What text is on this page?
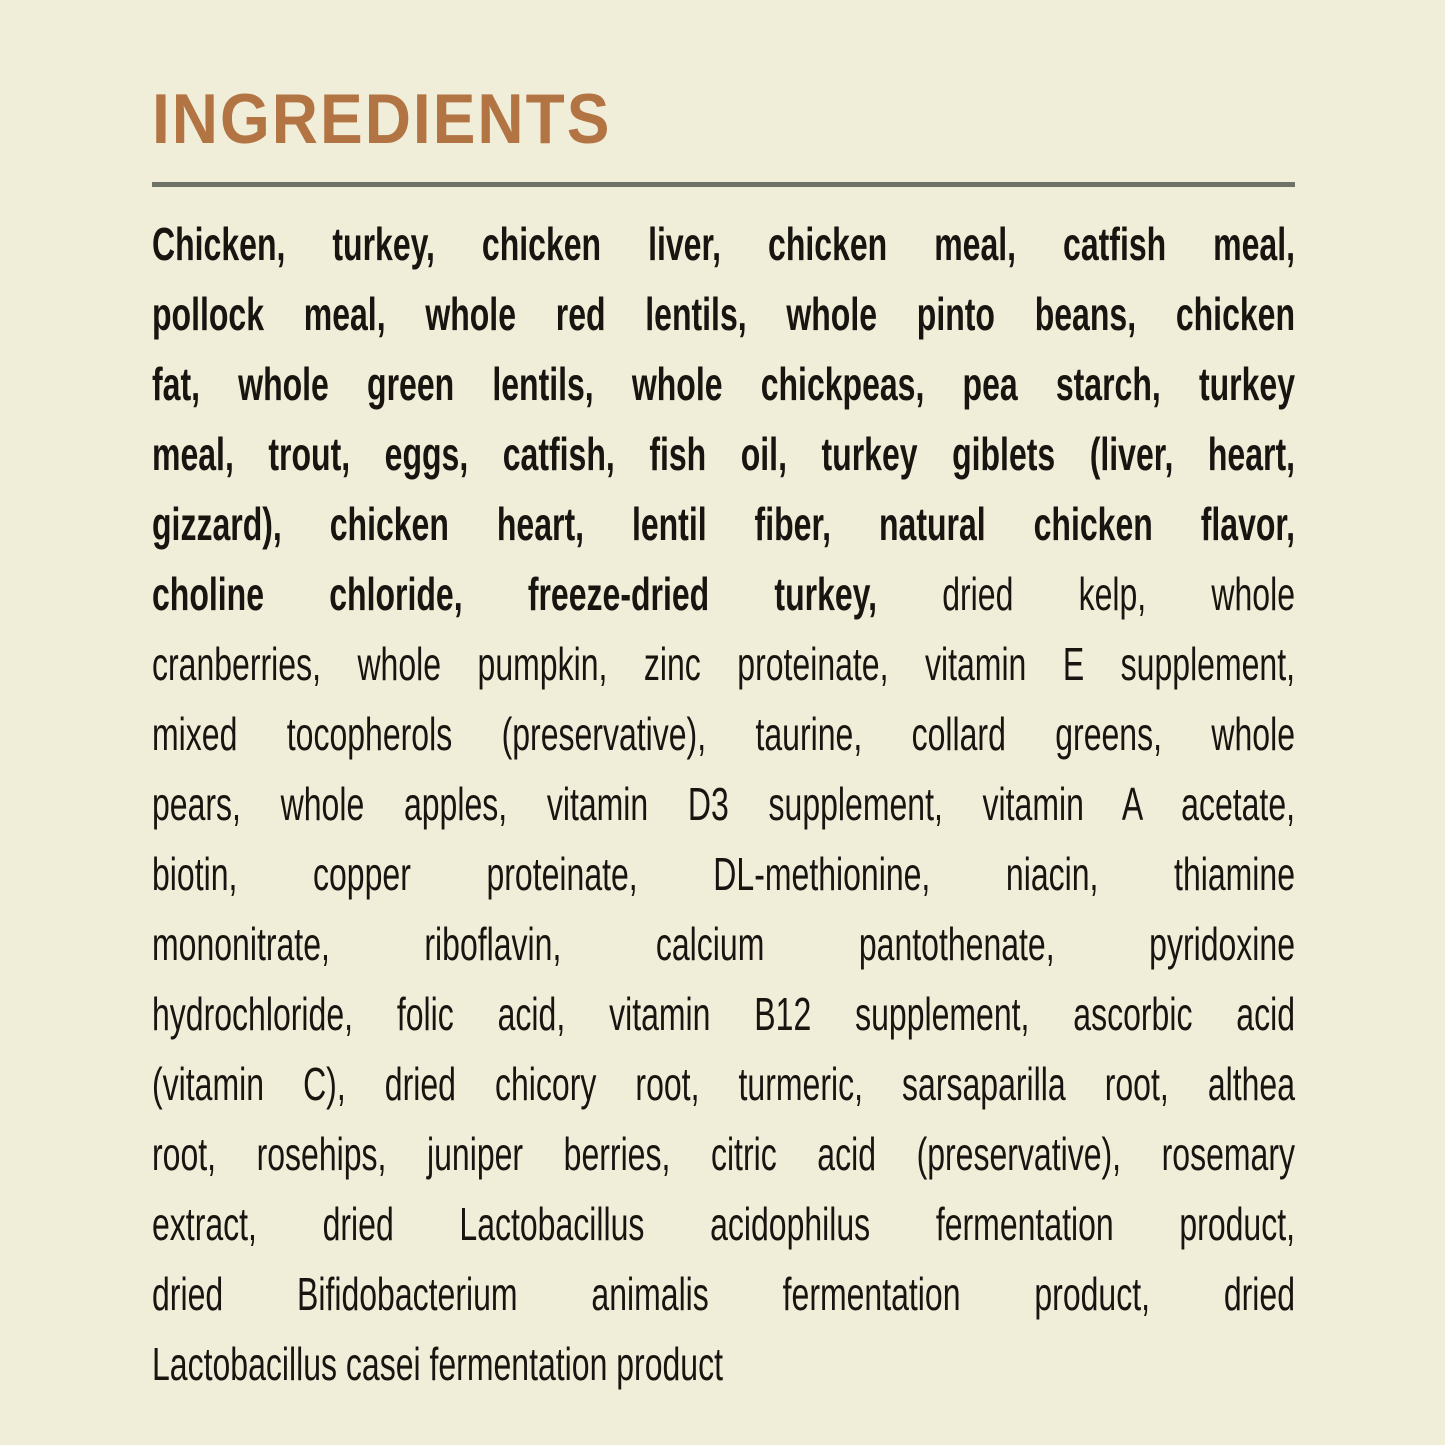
INGREDIENTS
Chicken, turkey, chicken liver, chicken meal, catfish meal,
pollock meal, whole red lentils, whole pinto beans, chicken
fat, whole green lentils, whole chickpeas, pea starch, turkey
meal, trout, eggs, catfish, fish oil, turkey giblets (liver, heart,
gizzard), chicken heart, lentil fiber, natural chicken flavor,
choline chloride, freeze-dried turkey, dried kelp, whole
cranberries, whole pumpkin, zinc proteinate, vitamin E supplement,
mixed tocopherols (preservative), taurine, collard greens, whole
pears, whole apples, vitamin D3 supplement, vitamin A acetate,
biotin, copper proteinate, DL-methionine, niacin, thiamine
mononitrate, riboflavin, calcium pantothenate, pyridoxine
hydrochloride, folic acid, vitamin B12 supplement, ascorbic acid
(vitamin C), dried chicory root, turmeric, sarsaparilla root, althea
root, rosehips, juniper berries, citric acid (preservative), rosemary
extract, dried Lactobacillus acidophilus fermentation product,
dried Bifidobacterium animalis fermentation product, dried
Lactobacillus casei fermentation product
